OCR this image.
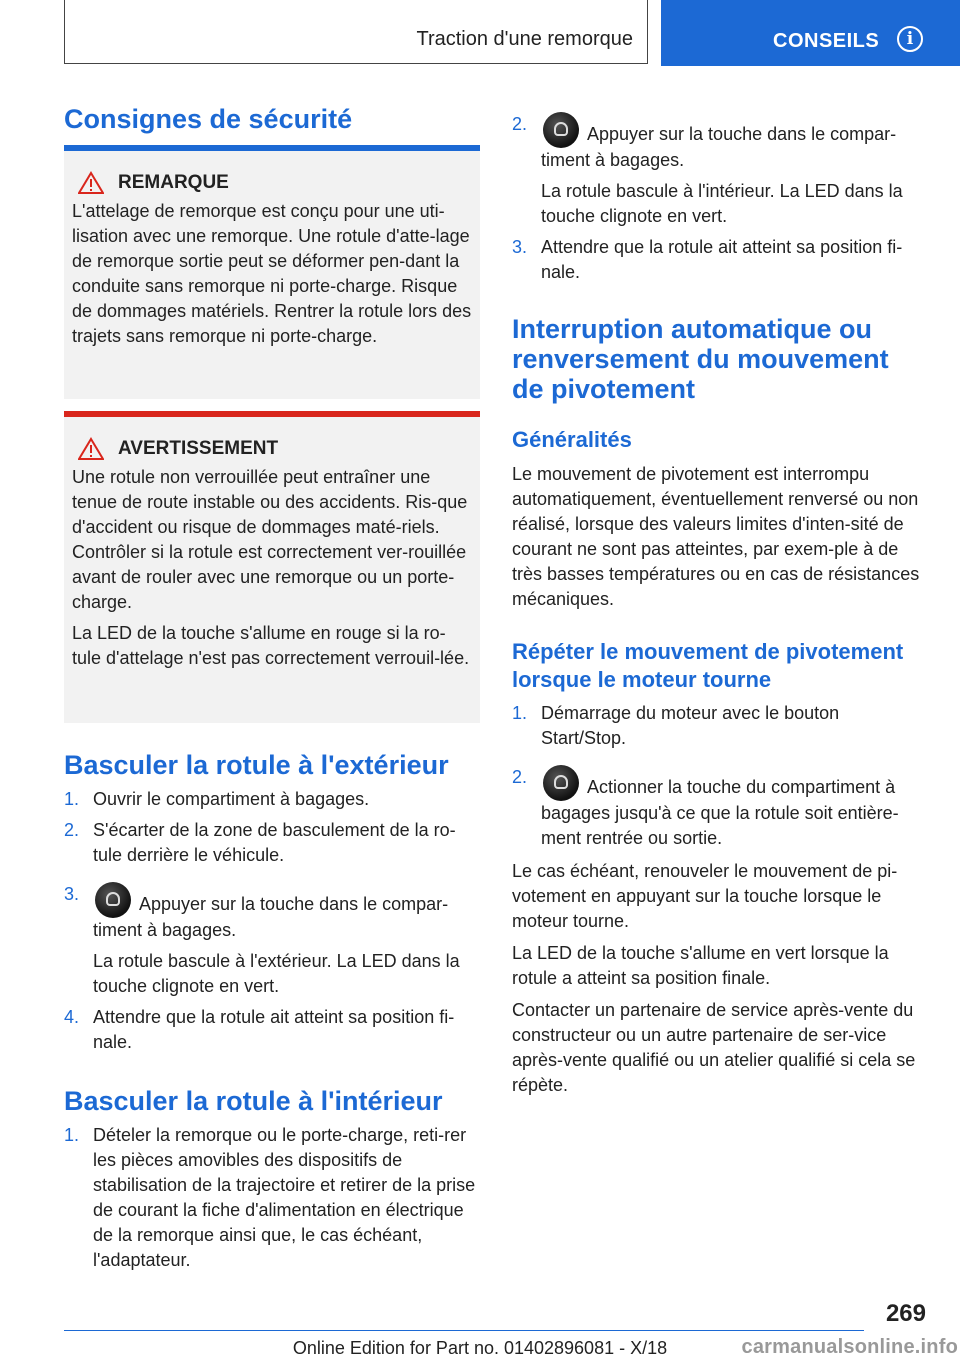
Traction d'une remorque	CONSEILS	i
Consignes de sécurité
REMARQUE

L'attelage de remorque est conçu pour une uti-lisation avec une remorque. Une rotule d'atte-lage de remorque sortie peut se déformer pen-dant la conduite sans remorque ni porte-charge. Risque de dommages matériels. Rentrer la rotule lors des trajets sans remorque ni porte-charge.

AVERTISSEMENT

Une rotule non verrouillée peut entraîner une tenue de route instable ou des accidents. Ris-que d'accident ou risque de dommages maté-riels. Contrôler si la rotule est correctement ver-rouillée avant de rouler avec une remorque ou un porte-charge.

La LED de la touche s'allume en rouge si la ro-tule d'attelage n'est pas correctement verrouil-lée.

Basculer la rotule à l'extérieur
1. Ouvrir le compartiment à bagages.
2. S'écarter de la zone de basculement de la ro-tule derrière le véhicule.
3.	Appuyer sur la touche dans le compar-timent à bagages.
La rotule bascule à l'extérieur. La LED dans la touche clignote en vert.
4. Attendre que la rotule ait atteint sa position fi-nale.
Basculer la rotule à l'intérieur
1. Dételer la remorque ou le porte-charge, reti-rer les pièces amovibles des dispositifs de stabilisation de la trajectoire et retirer de la prise de courant la fiche d'alimentation en électrique de la remorque ainsi que, le cas échéant, l'adaptateur.
2.	Appuyer sur la touche dans le compar-timent à bagages.
La rotule bascule à l'intérieur. La LED dans la touche clignote en vert.
3. Attendre que la rotule ait atteint sa position fi-nale.
Interruption automatique ou renversement du mouvement de pivotement
Généralités

Le mouvement de pivotement est interrompu automatiquement, éventuellement renversé ou non réalisé, lorsque des valeurs limites d'inten-sité de courant ne sont pas atteintes, par exem-ple à de très basses températures ou en cas de résistances mécaniques.

Répéter le mouvement de pivotement lorsque le moteur tourne
1. Démarrage du moteur avec le bouton Start/Stop.
2.	Actionner la touche du compartiment à bagages jusqu'à ce que la rotule soit entière-ment rentrée ou sortie.

Le cas échéant, renouveler le mouvement de pi-votement en appuyant sur la touche lorsque le moteur tourne.

La LED de la touche s'allume en vert lorsque la rotule a atteint sa position finale.

Contacter un partenaire de service après-vente du constructeur ou un autre partenaire de ser-vice après-vente qualifié ou un atelier qualifié si cela se répète.

269
Online Edition for Part no. 01402896081 - X/18	carmanualsonline.info
